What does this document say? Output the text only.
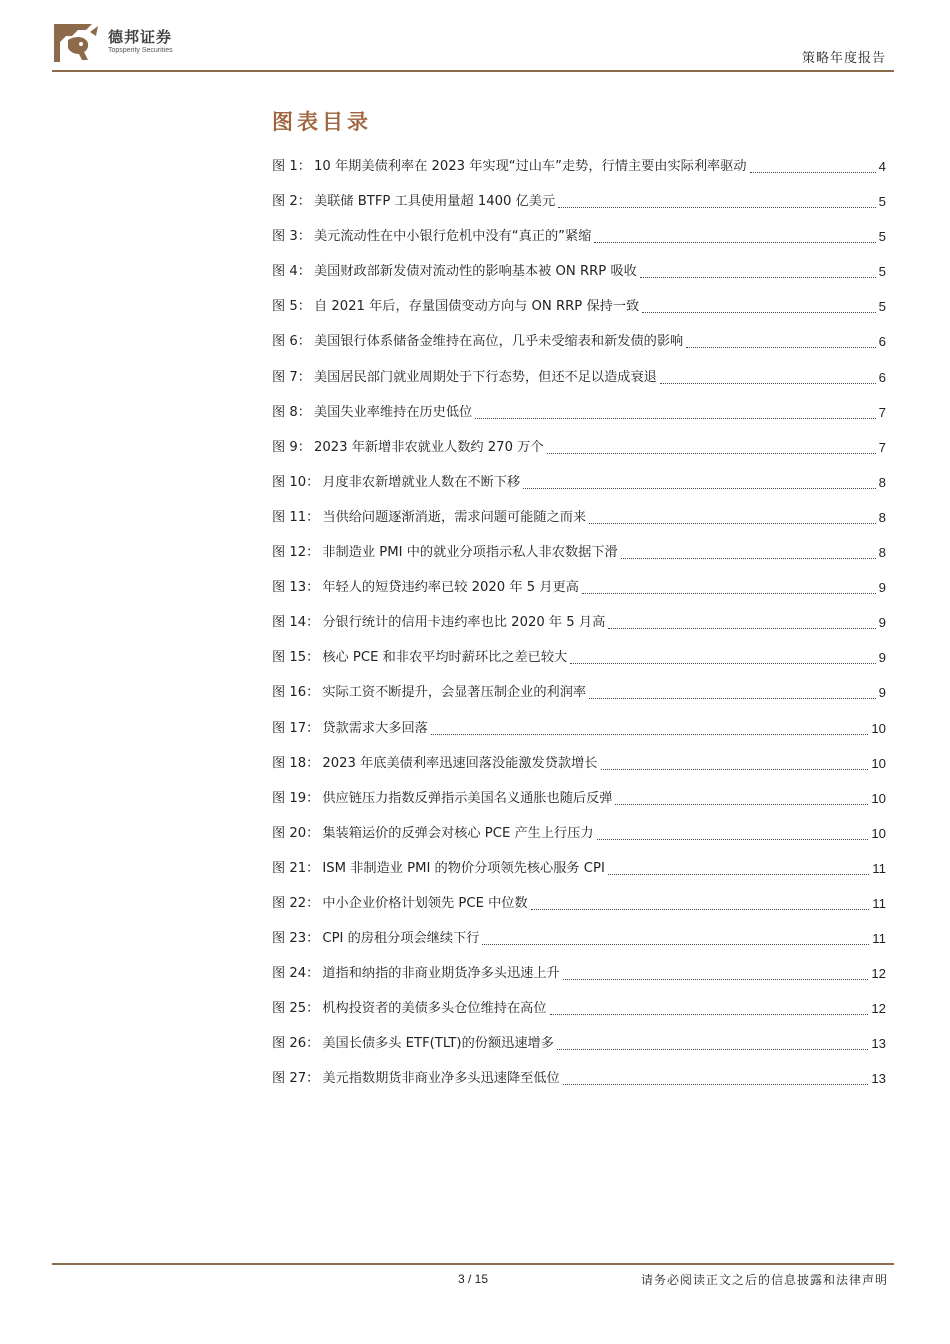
德邦证券
Topsperity Securities
策略年度报告
图表目录
图 1： 10 年期美债利率在 2023 年实现“过山车”走势，行情主要由实际利率驱动	4
图 2： 美联储 BTFP 工具使用量超 1400 亿美元	5
图 3： 美元流动性在中小银行危机中没有“真正的”紧缩	5
图 4： 美国财政部新发债对流动性的影响基本被 ON RRP 吸收	5
图 5： 自 2021 年后，存量国债变动方向与 ON RRP 保持一致	5
图 6： 美国银行体系储备金维持在高位，几乎未受缩表和新发债的影响	6
图 7： 美国居民部门就业周期处于下行态势，但还不足以造成衰退	6
图 8： 美国失业率维持在历史低位	7
图 9： 2023 年新增非农就业人数约 270 万个	7
图 10： 月度非农新增就业人数在不断下移	8
图 11： 当供给问题逐渐消逝，需求问题可能随之而来	8
图 12： 非制造业 PMI 中的就业分项指示私人非农数据下滑	8
图 13： 年轻人的短贷违约率已较 2020 年 5 月更高	9
图 14： 分银行统计的信用卡违约率也比 2020 年 5 月高	9
图 15： 核心 PCE 和非农平均时薪环比之差已较大	9
图 16： 实际工资不断提升，会显著压制企业的利润率	9
图 17： 贷款需求大多回落	10
图 18： 2023 年底美债利率迅速回落没能激发贷款增长	10
图 19： 供应链压力指数反弹指示美国名义通胀也随后反弹	10
图 20： 集装箱运价的反弹会对核心 PCE 产生上行压力	10
图 21： ISM 非制造业 PMI 的物价分项领先核心服务 CPI	11
图 22： 中小企业价格计划领先 PCE 中位数	11
图 23： CPI 的房租分项会继续下行	11
图 24： 道指和纳指的非商业期货净多头迅速上升	12
图 25： 机构投资者的美债多头仓位维持在高位	12
图 26： 美国长债多头 ETF(TLT)的份额迅速增多	13
图 27： 美元指数期货非商业净多头迅速降至低位	13
3 / 15	请务必阅读正文之后的信息披露和法律声明
